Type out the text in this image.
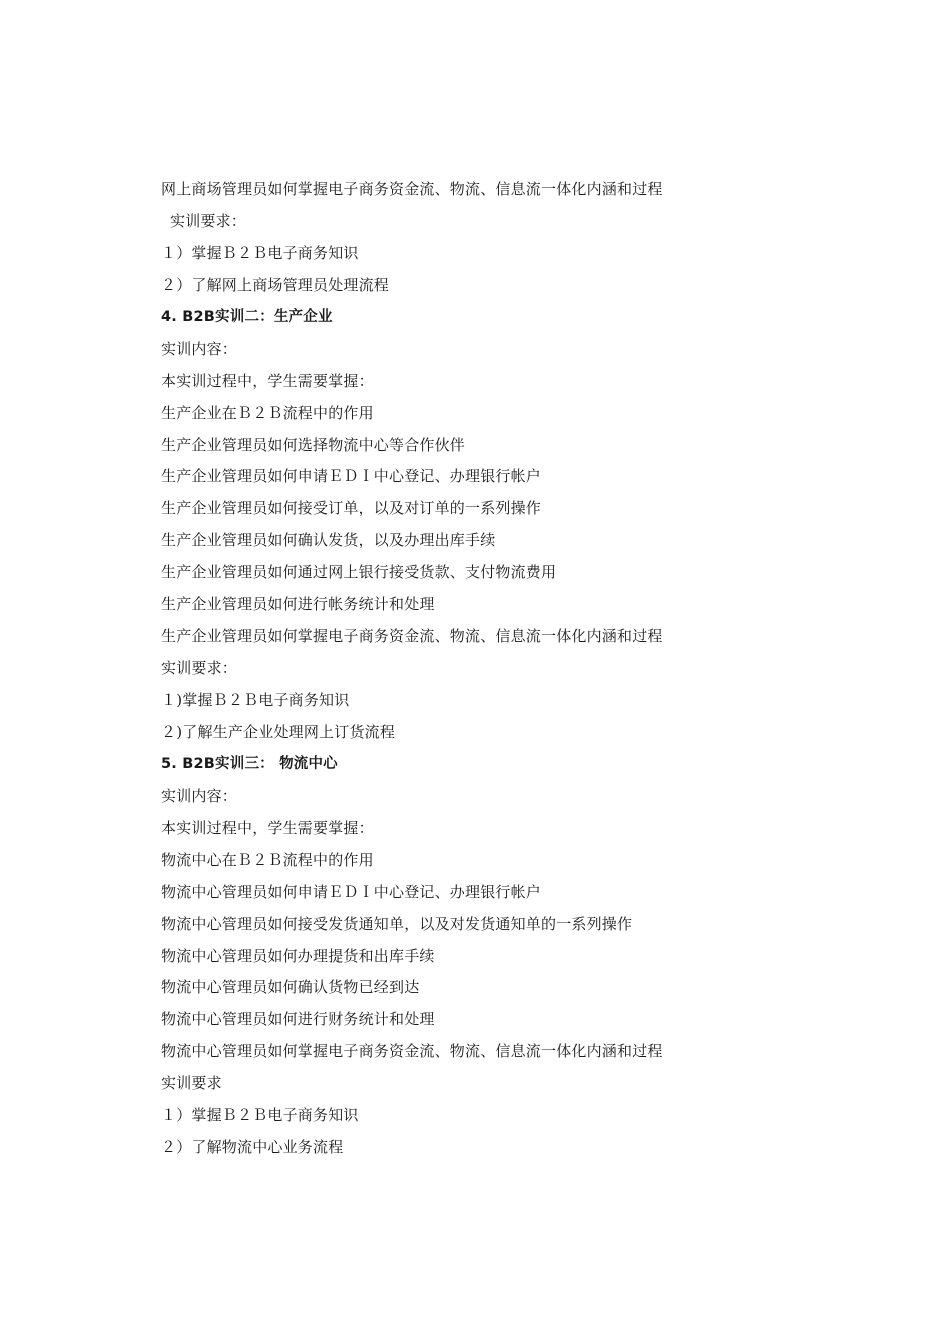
网上商场管理员如何掌握电子商务资金流、物流、信息流一体化内涵和过程
实训要求：
１）掌握Ｂ２Ｂ电子商务知识
２）了解网上商场管理员处理流程
4. B2B实训二：生产企业
实训内容：
本实训过程中，学生需要掌握：
生产企业在Ｂ２Ｂ流程中的作用
生产企业管理员如何选择物流中心等合作伙伴
生产企业管理员如何申请ＥＤＩ中心登记、办理银行帐户
生产企业管理员如何接受订单，以及对订单的一系列操作
生产企业管理员如何确认发货，以及办理出库手续
生产企业管理员如何通过网上银行接受货款、支付物流费用
生产企业管理员如何进行帐务统计和处理
生产企业管理员如何掌握电子商务资金流、物流、信息流一体化内涵和过程
实训要求：
１)掌握Ｂ２Ｂ电子商务知识
２)了解生产企业处理网上订货流程
5. B2B实训三： 物流中心
实训内容：
本实训过程中，学生需要掌握：
物流中心在Ｂ２Ｂ流程中的作用
物流中心管理员如何申请ＥＤＩ中心登记、办理银行帐户
物流中心管理员如何接受发货通知单，以及对发货通知单的一系列操作
物流中心管理员如何办理提货和出库手续
物流中心管理员如何确认货物已经到达
物流中心管理员如何进行财务统计和处理
物流中心管理员如何掌握电子商务资金流、物流、信息流一体化内涵和过程
实训要求
１）掌握Ｂ２Ｂ电子商务知识
２）了解物流中心业务流程
